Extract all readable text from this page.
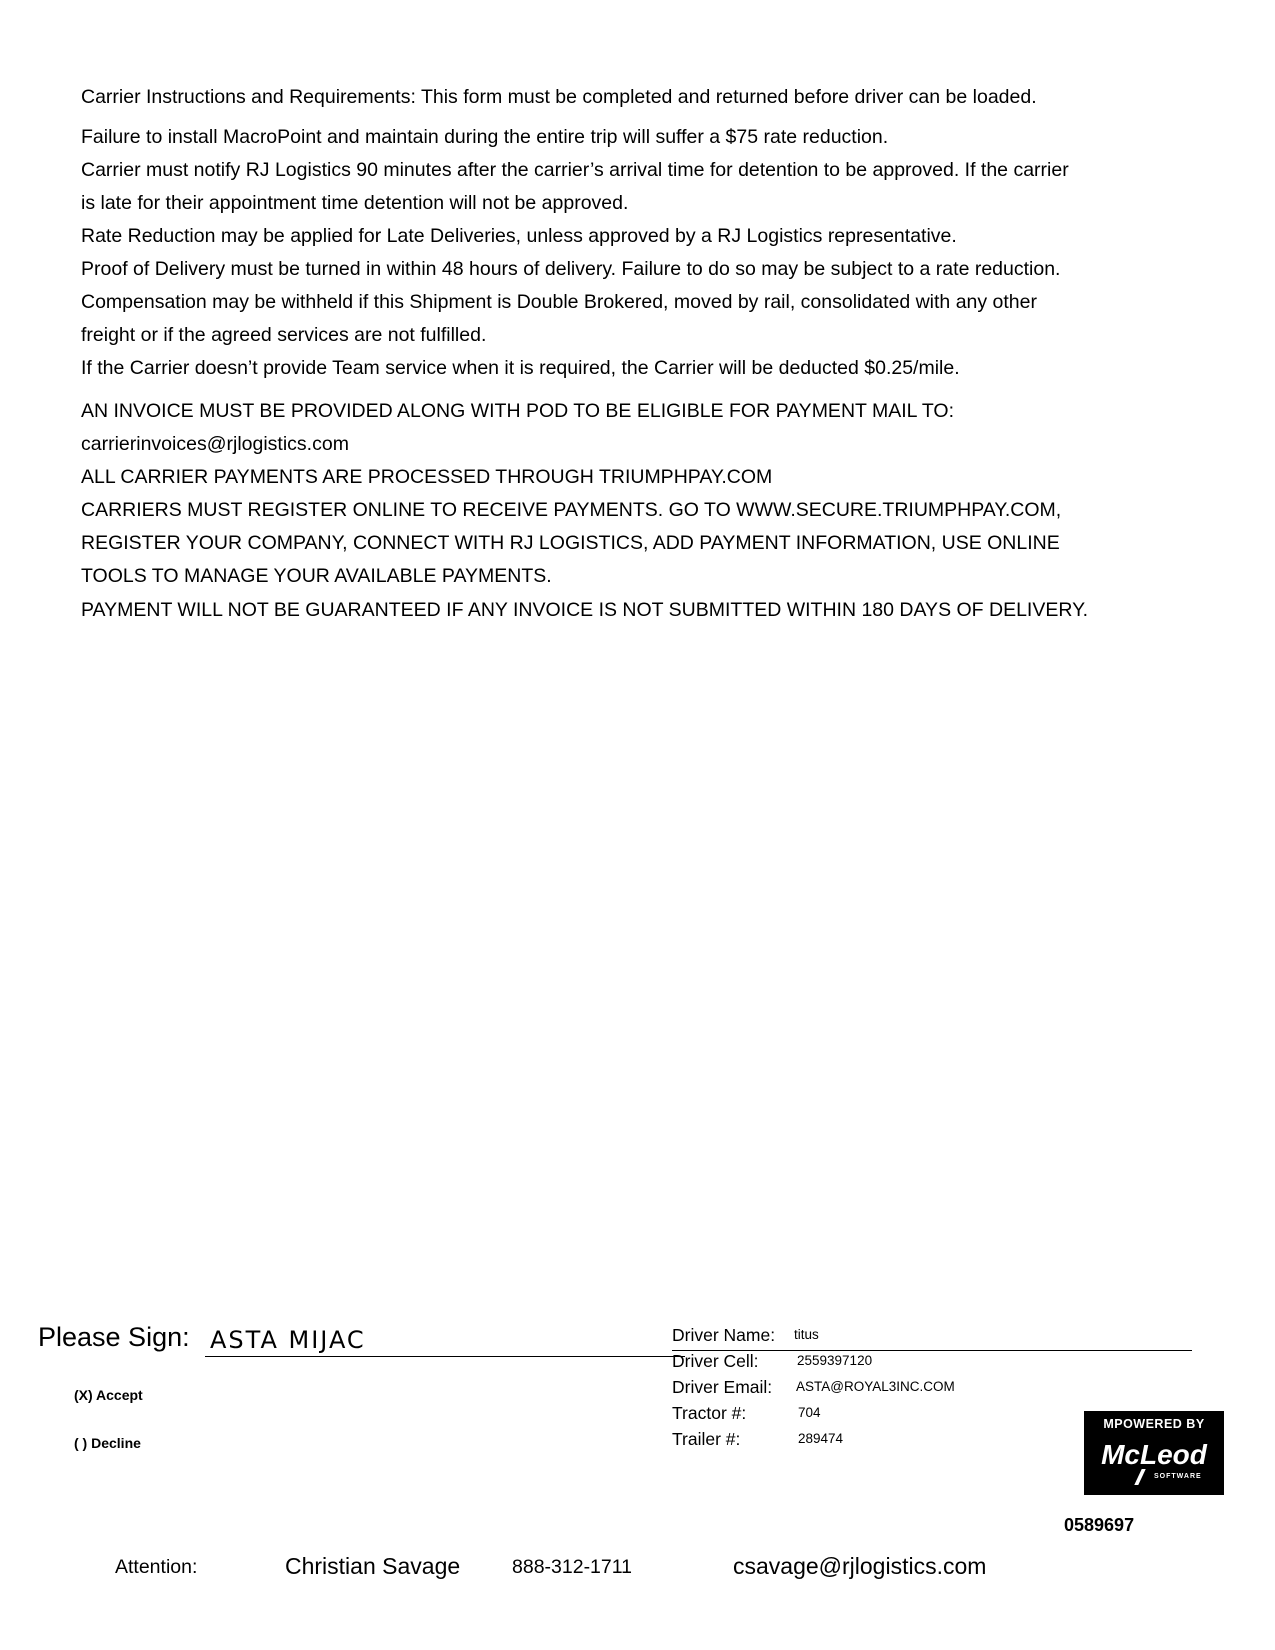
Carrier Instructions and Requirements: This form must be completed and returned before driver can be loaded.
Failure to install MacroPoint and maintain during the entire trip will suffer a $75 rate reduction.
Carrier must notify RJ Logistics 90 minutes after the carrier’s arrival time for detention to be approved. If the carrier
is late for their appointment time detention will not be approved.
Rate Reduction may be applied for Late Deliveries, unless approved by a RJ Logistics representative.
Proof of Delivery must be turned in within 48 hours of delivery. Failure to do so may be subject to a rate reduction.
Compensation may be withheld if this Shipment is Double Brokered, moved by rail, consolidated with any other
freight or if the agreed services are not fulfilled.
If the Carrier doesn’t provide Team service when it is required, the Carrier will be deducted $0.25/mile.
AN INVOICE MUST BE PROVIDED ALONG WITH POD TO BE ELIGIBLE FOR PAYMENT MAIL TO:
carrierinvoices@rjlogistics.com
ALL CARRIER PAYMENTS ARE PROCESSED THROUGH TRIUMPHPAY.COM
CARRIERS MUST REGISTER ONLINE TO RECEIVE PAYMENTS. GO TO WWW.SECURE.TRIUMPHPAY.COM,
REGISTER YOUR COMPANY, CONNECT WITH RJ LOGISTICS, ADD PAYMENT INFORMATION, USE ONLINE
TOOLS TO MANAGE YOUR AVAILABLE PAYMENTS.
PAYMENT WILL NOT BE GUARANTEED IF ANY INVOICE IS NOT SUBMITTED WITHIN 180 DAYS OF DELIVERY.
Please Sign: ASTA MIJAC
(X) Accept
( ) Decline
Driver Name: titus
Driver Cell:	2559397120
Driver Email: ASTA@ROYAL3INC.COM
Tractor #:	704
Trailer #:	289474
MPOWERED BY
McLeod
SOFTWARE
0589697
Attention:	Christian Savage	888-312-1711	csavage@rjlogistics.com
